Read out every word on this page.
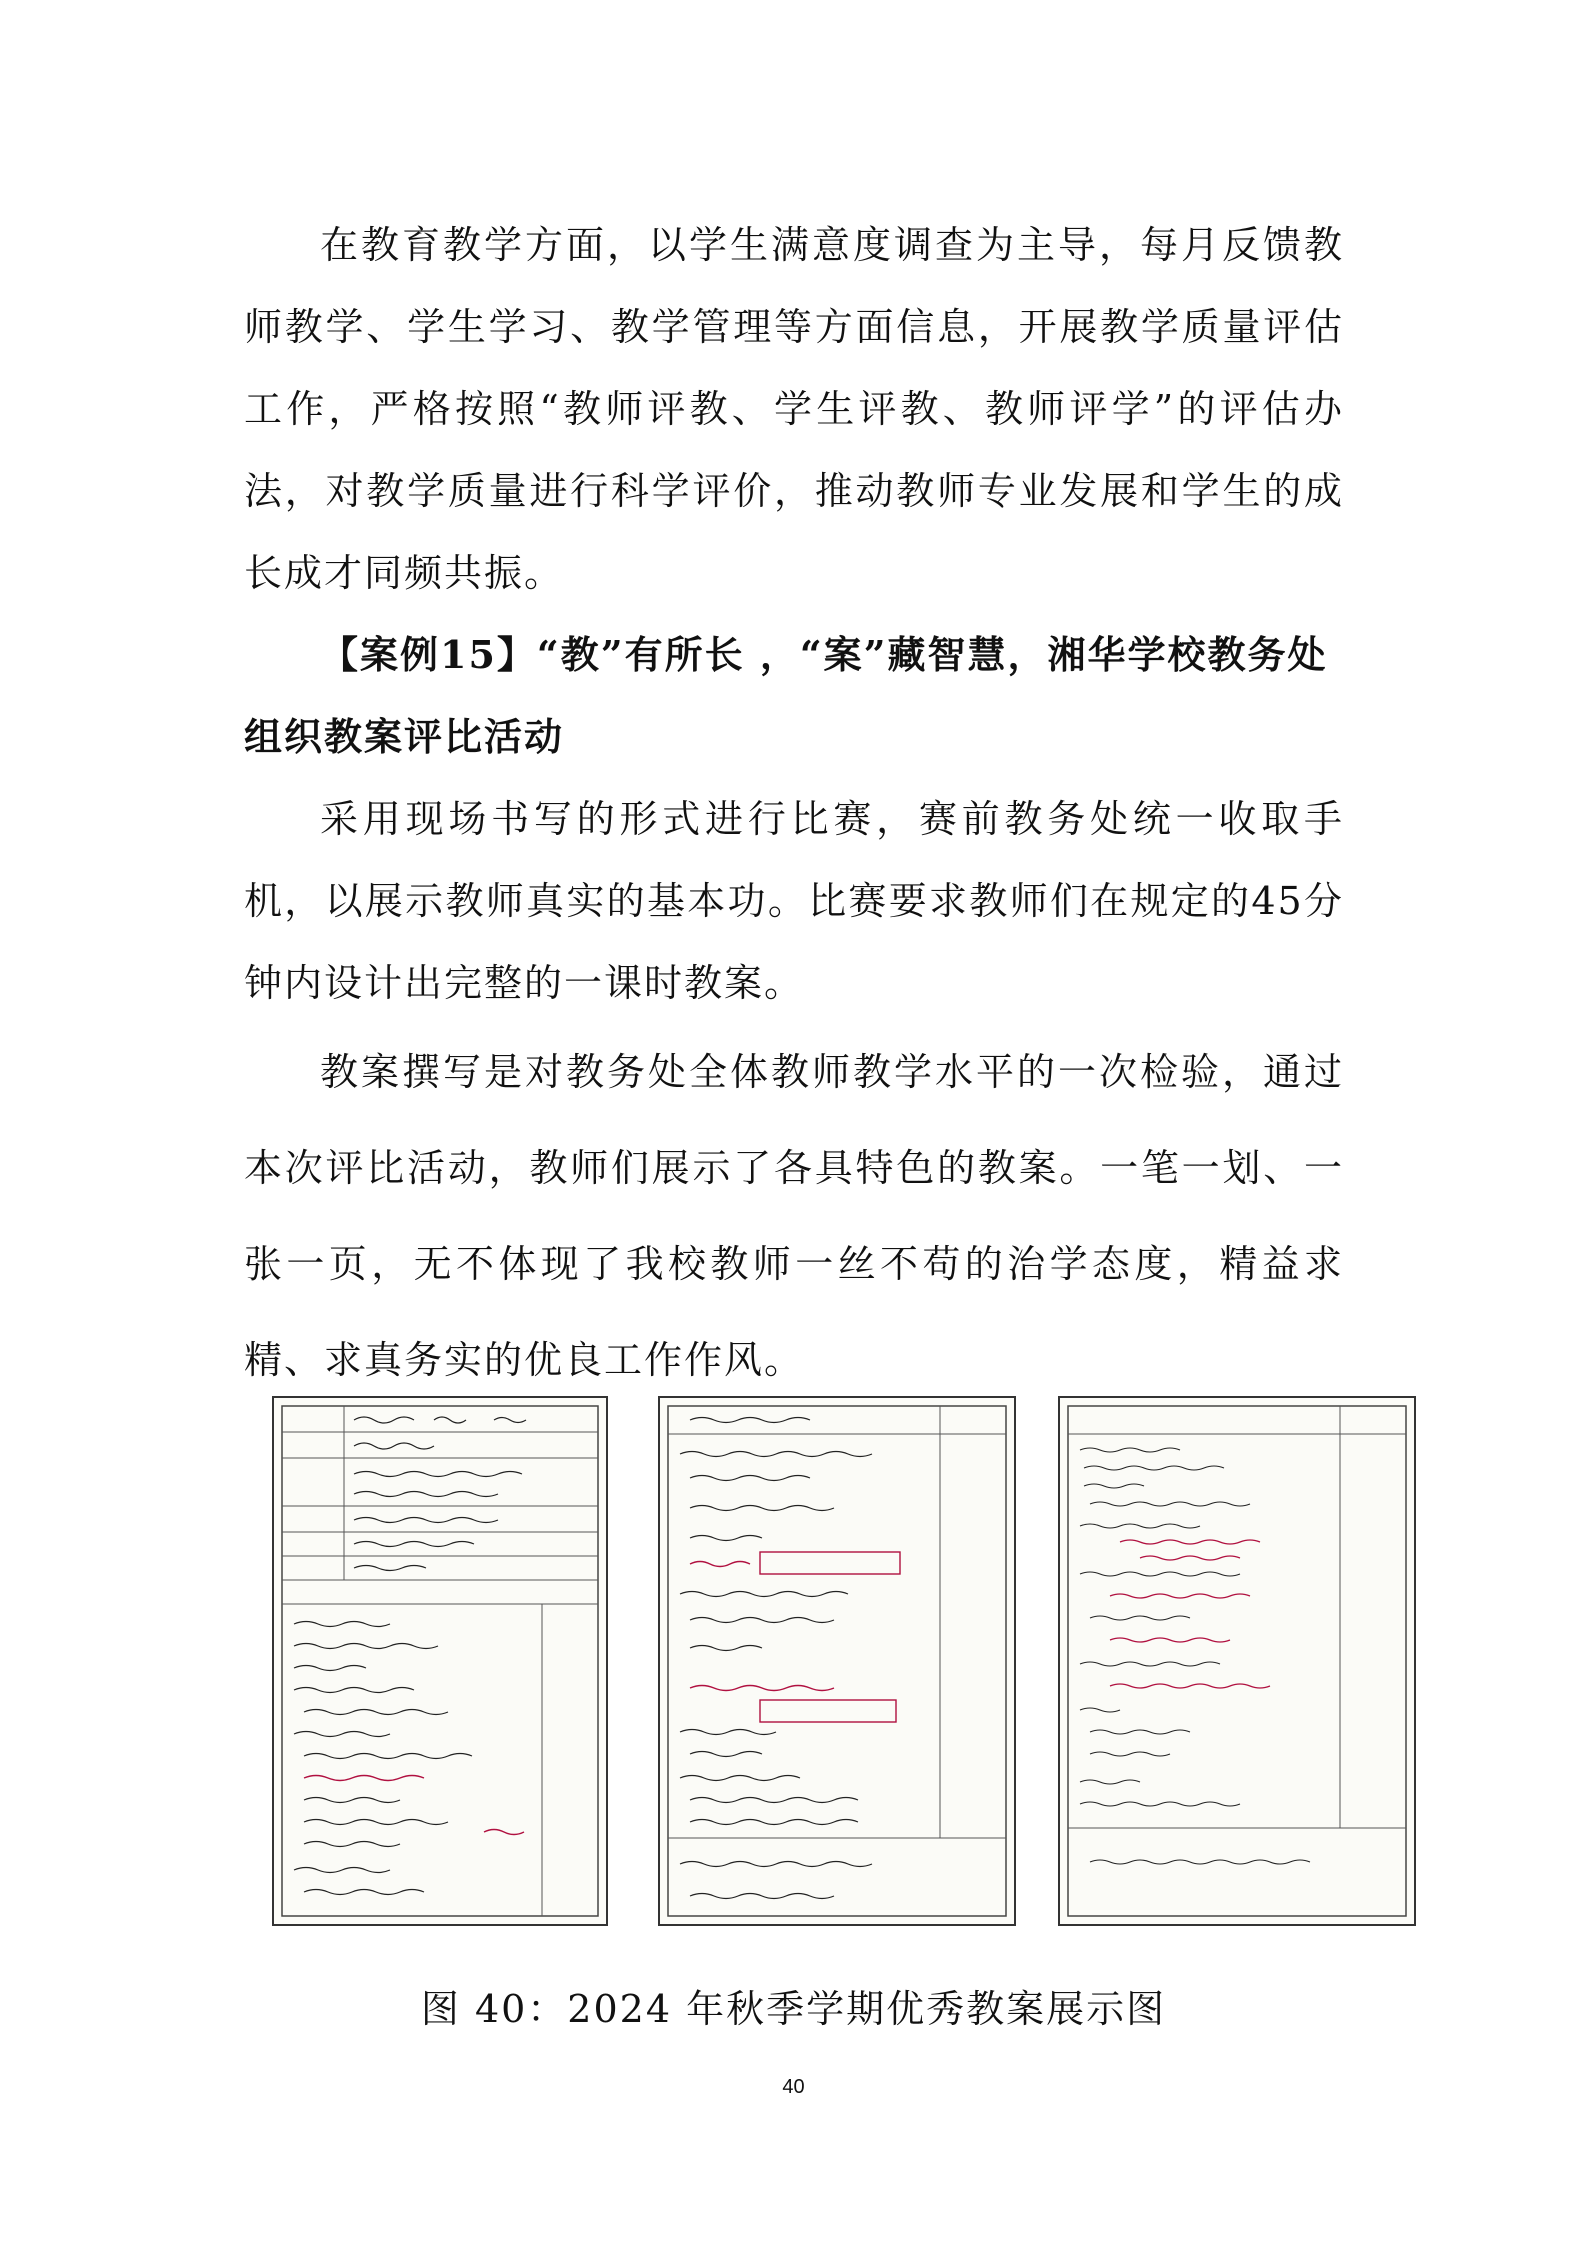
在教育教学方面，以学生满意度调查为主导，每月反馈教师教学、学生学习、教学管理等方面信息，开展教学质量评估工作，严格按照“教师评教、学生评教、教师评学”的评估办法，对教学质量进行科学评价，推动教师专业发展和学生的成长成才同频共振。

【案例15】“教”有所长 ，“案”藏智慧，湘华学校教务处组织教案评比活动

采用现场书写的形式进行比赛，赛前教务处统一收取手机，以展示教师真实的基本功。比赛要求教师们在规定的45分钟内设计出完整的一课时教案。

教案撰写是对教务处全体教师教学水平的一次检验，通过本次评比活动，教师们展示了各具特色的教案。一笔一划、一张一页，无不体现了我校教师一丝不苟的治学态度，精益求精、求真务实的优良工作作风。

图 40：2024 年秋季学期优秀教案展示图
40
